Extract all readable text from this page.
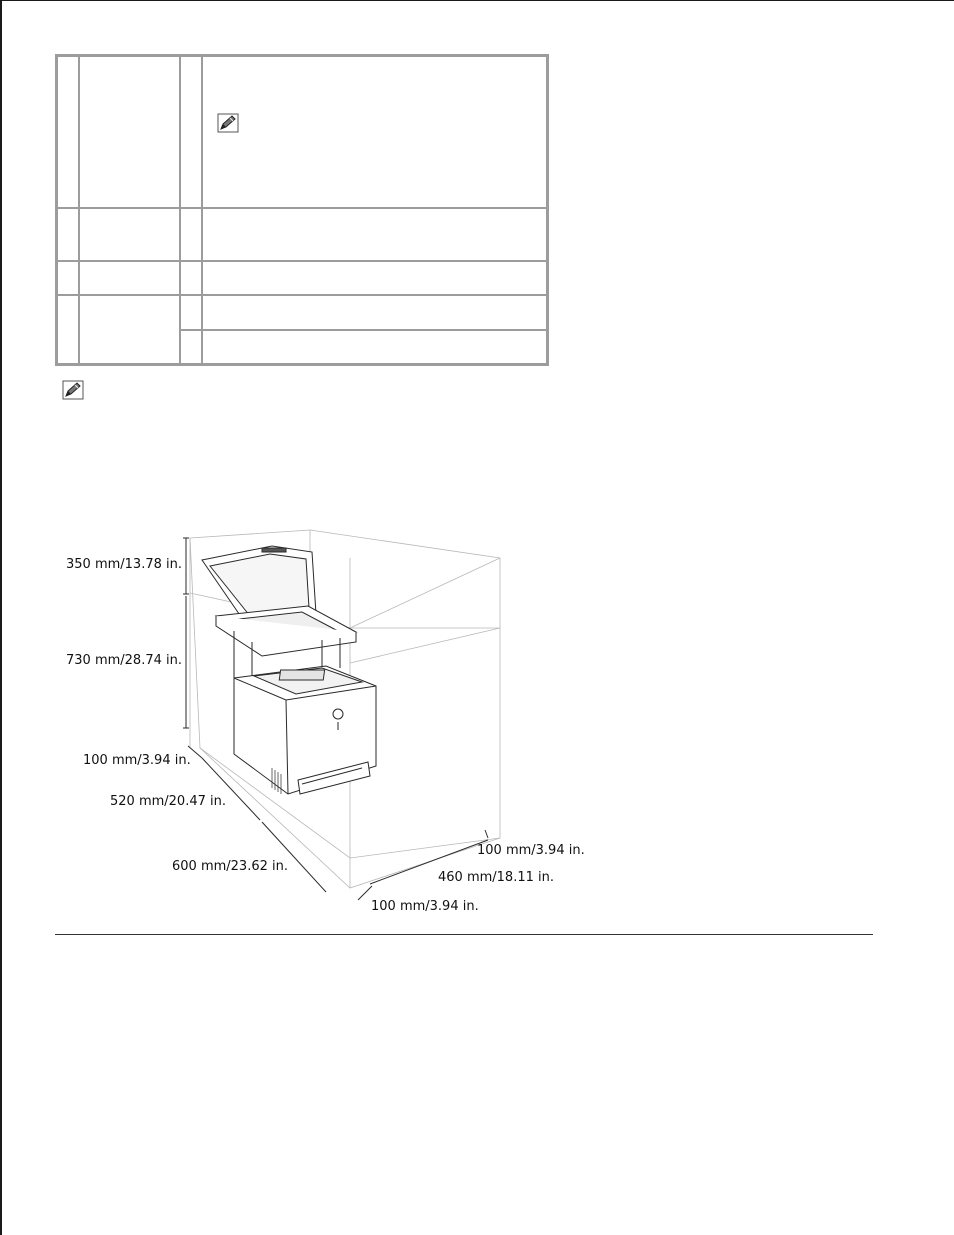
350 mm/13.78 in.
730 mm/28.74 in.
100 mm/3.94 in.
520 mm/20.47 in.
600 mm/23.62 in.
100 mm/3.94 in.
460 mm/18.11 in.
100 mm/3.94 in.
